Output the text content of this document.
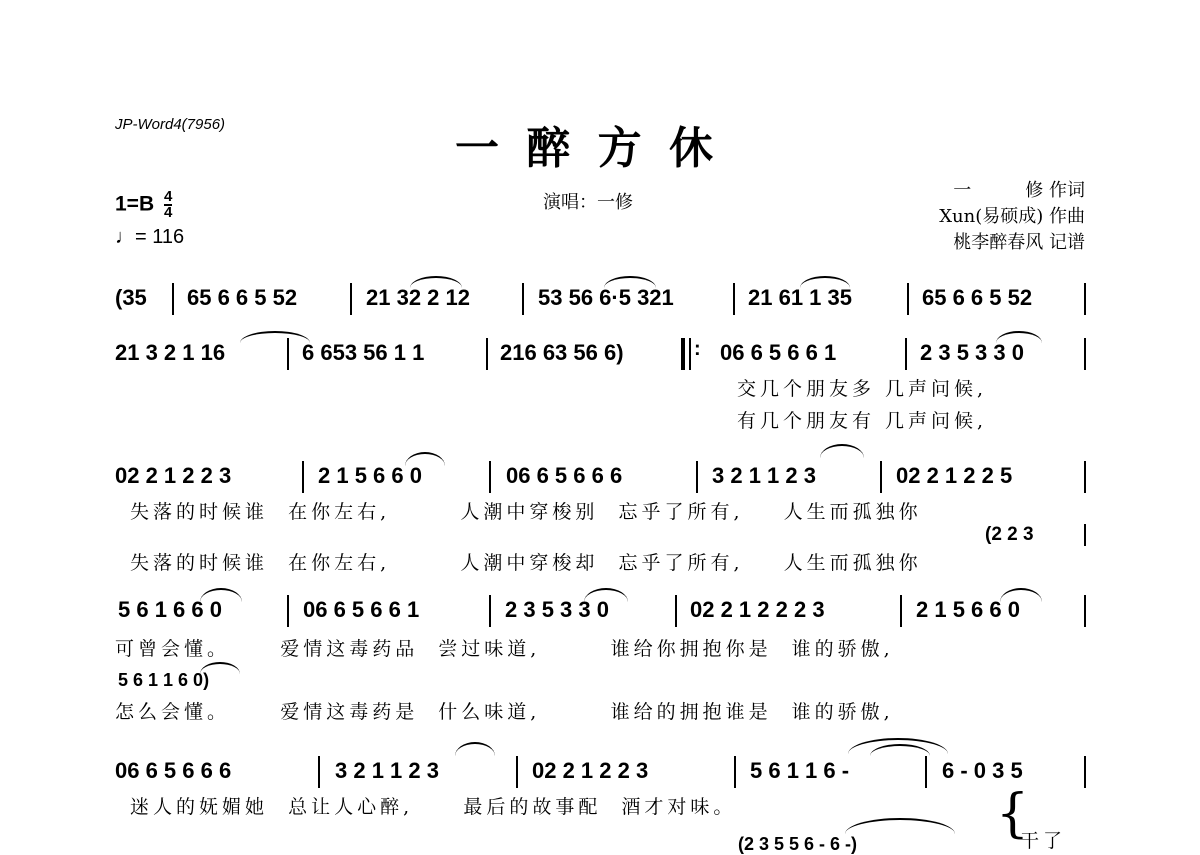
JP-Word4(7956)	一 醉 方 休
$1=B \frac{4}{4}$
♩= 116
演唱：一修
一　　　修 作词
Xun(易硕成) 作曲
桃李醉春风 记谱
(35 65 6 6 5 52	21 32 2 12	53 56 6·5 321	21 61 1 35	65 6 6 5 52
21 3 2 1 16	6 653 56 1 1	216 63 56 6)	: 06 6 5 6 6 1	2 3 5 3 3 0
交几个朋友多 几声问候,
有几个朋友有 几声问候,
02 2 1 2 2 3	2 1 5 6 6 0	06 6 5 6 6 6	3 2 1 1 2 3	02 2 1 2 2 5
失落的时候谁  在你左右,       人潮中穿梭别  忘乎了所有,    人生而孤独你
(2 2 3
失落的时候谁  在你左右,       人潮中穿梭却  忘乎了所有,    人生而孤独你
5 6 1 6 6 0	06 6 5 6 6 1	2 3 5 3 3 0	02 2 1 2 2 2 3	2 1 5 6 6 0
可曾会懂。     爱情这毒药品  尝过味道,       谁给你拥抱你是  谁的骄傲,
5 6 1 1 6 0)
怎么会懂。     爱情这毒药是  什么味道,       谁给的拥抱谁是  谁的骄傲,
06 6 5 6 6 6	3 2 1 1 2 3	02 2 1 2 2 3	5 6 1 1 6 -	6 - 0 3 5
迷人的妩媚她  总让人心醉,     最后的故事配  酒才对味。
(2 3 5 5 6 - 6 -)	{
干了
